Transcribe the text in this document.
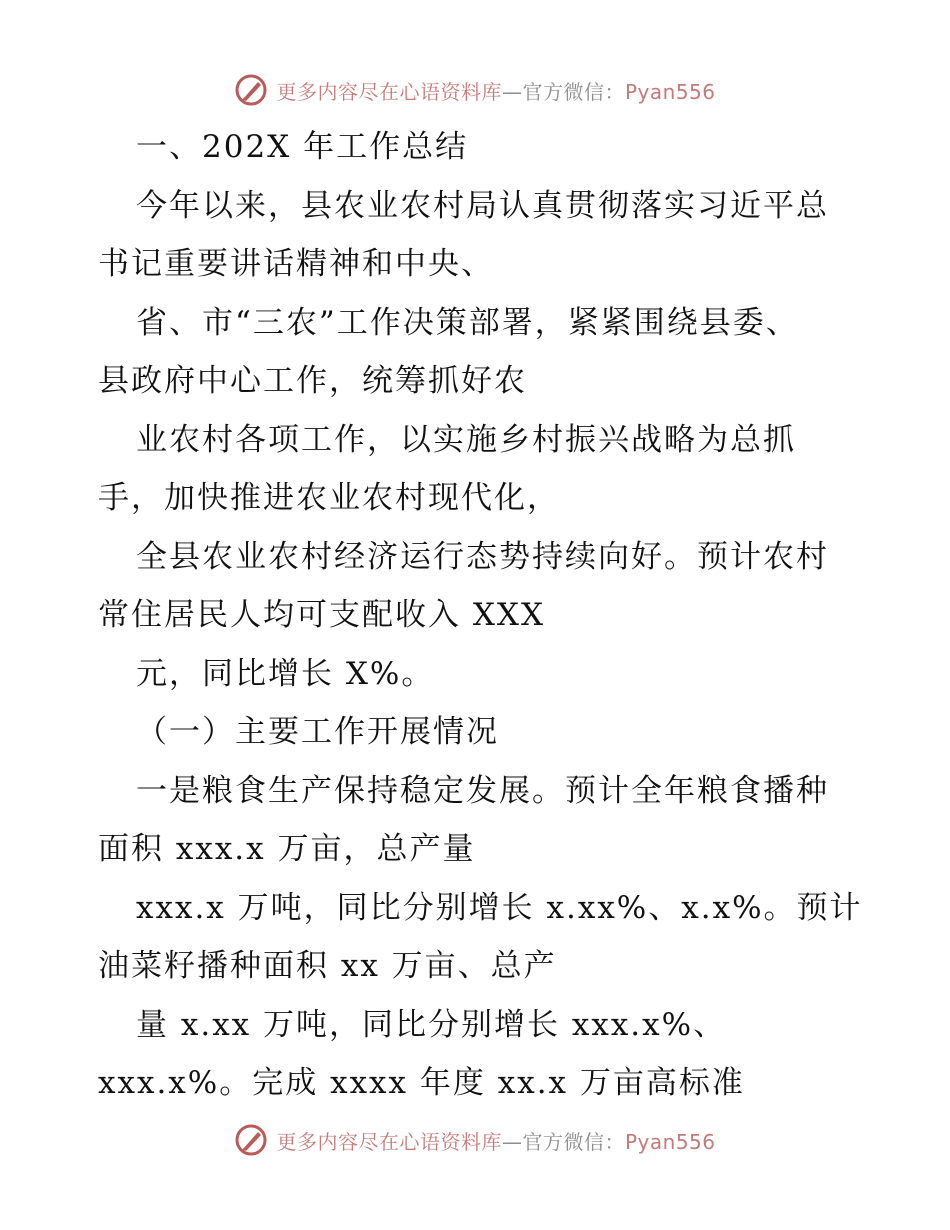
更多内容尽在心语资料库—官方微信：Pyan556
一、202X 年工作总结
今年以来，县农业农村局认真贯彻落实习近平总
书记重要讲话精神和中央、
省、市“三农”工作决策部署，紧紧围绕县委、
县政府中心工作，统筹抓好农
业农村各项工作，以实施乡村振兴战略为总抓
手，加快推进农业农村现代化，
全县农业农村经济运行态势持续向好。预计农村
常住居民人均可支配收入 XXX
元，同比增长 X%。
（一）主要工作开展情况
一是粮食生产保持稳定发展。预计全年粮食播种
面积 xxx.x 万亩，总产量
xxx.x 万吨，同比分别增长 x.xx%、x.x%。预计
油菜籽播种面积 xx 万亩、总产
量 x.xx 万吨，同比分别增长 xxx.x%、
xxx.x%。完成 xxxx 年度 xx.x 万亩高标准
更多内容尽在心语资料库—官方微信：Pyan556
